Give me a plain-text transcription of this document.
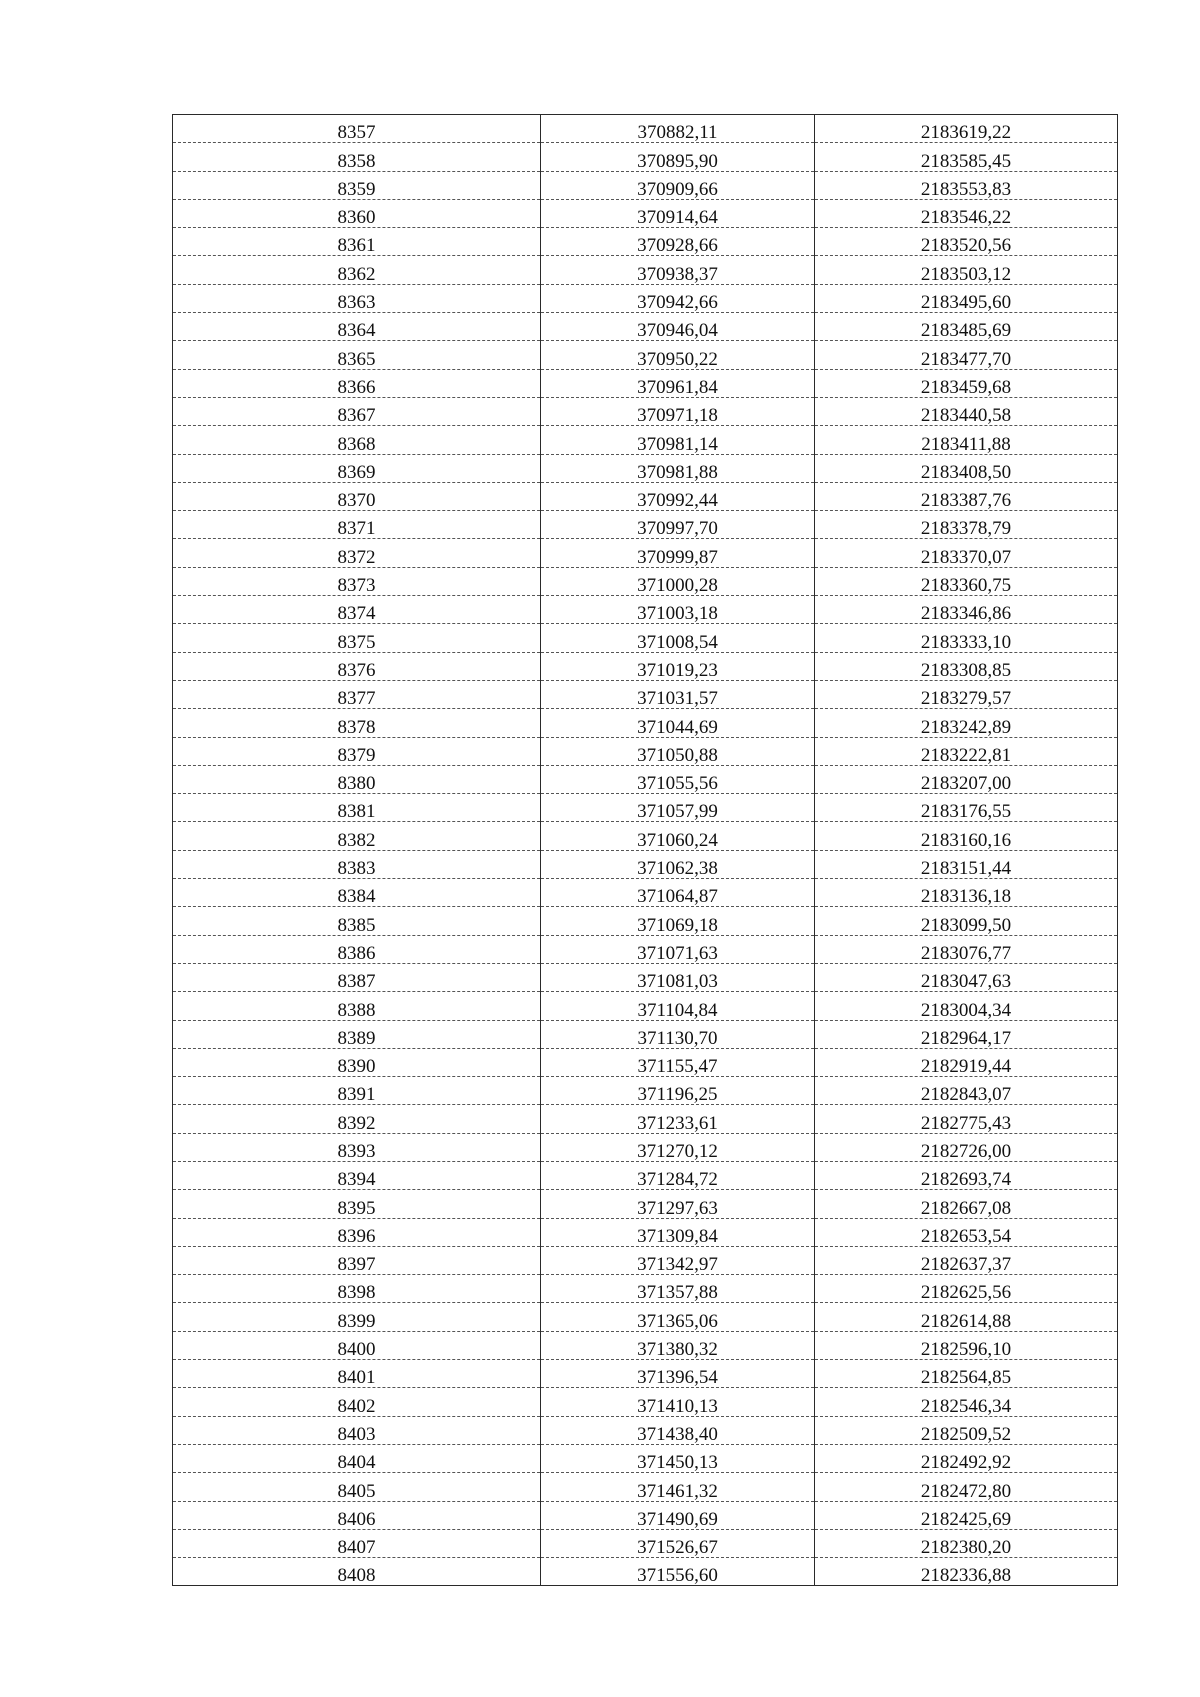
8357	370882,11	2183619,22
8358	370895,90	2183585,45
8359	370909,66	2183553,83
8360	370914,64	2183546,22
8361	370928,66	2183520,56
8362	370938,37	2183503,12
8363	370942,66	2183495,60
8364	370946,04	2183485,69
8365	370950,22	2183477,70
8366	370961,84	2183459,68
8367	370971,18	2183440,58
8368	370981,14	2183411,88
8369	370981,88	2183408,50
8370	370992,44	2183387,76
8371	370997,70	2183378,79
8372	370999,87	2183370,07
8373	371000,28	2183360,75
8374	371003,18	2183346,86
8375	371008,54	2183333,10
8376	371019,23	2183308,85
8377	371031,57	2183279,57
8378	371044,69	2183242,89
8379	371050,88	2183222,81
8380	371055,56	2183207,00
8381	371057,99	2183176,55
8382	371060,24	2183160,16
8383	371062,38	2183151,44
8384	371064,87	2183136,18
8385	371069,18	2183099,50
8386	371071,63	2183076,77
8387	371081,03	2183047,63
8388	371104,84	2183004,34
8389	371130,70	2182964,17
8390	371155,47	2182919,44
8391	371196,25	2182843,07
8392	371233,61	2182775,43
8393	371270,12	2182726,00
8394	371284,72	2182693,74
8395	371297,63	2182667,08
8396	371309,84	2182653,54
8397	371342,97	2182637,37
8398	371357,88	2182625,56
8399	371365,06	2182614,88
8400	371380,32	2182596,10
8401	371396,54	2182564,85
8402	371410,13	2182546,34
8403	371438,40	2182509,52
8404	371450,13	2182492,92
8405	371461,32	2182472,80
8406	371490,69	2182425,69
8407	371526,67	2182380,20
8408	371556,60	2182336,88
